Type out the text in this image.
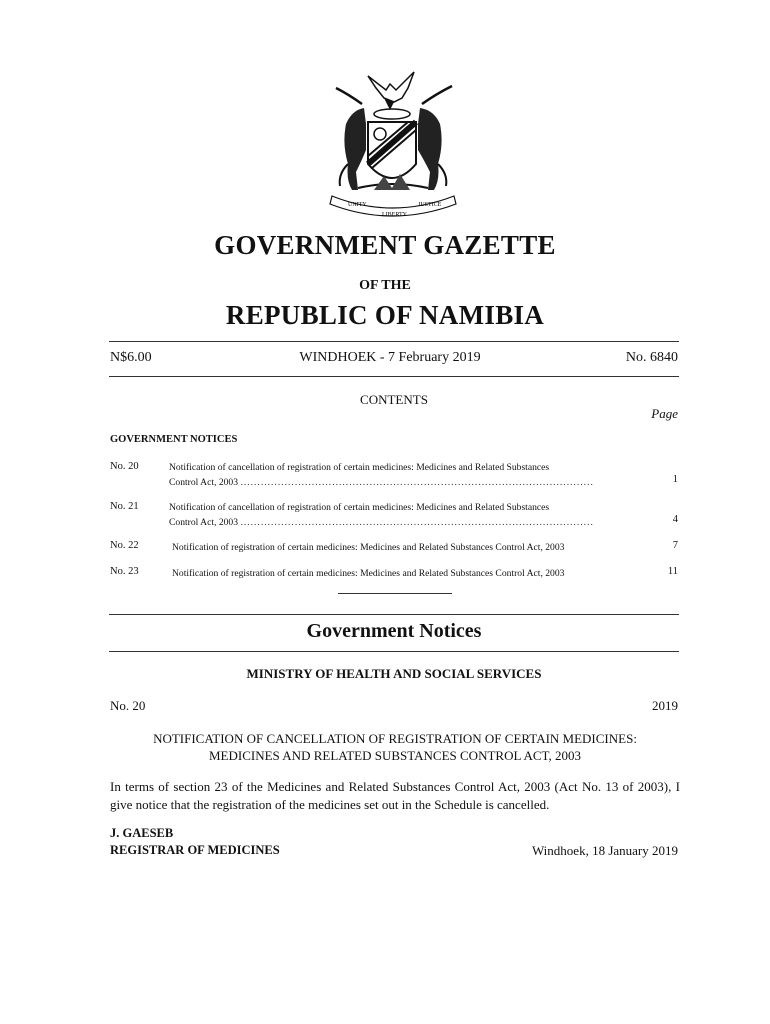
UNITY
LIBERTY
JUSTICE
GOVERNMENT GAZETTE
OF THE
REPUBLIC OF NAMIBIA
N$6.00	WINDHOEK - 7 February 2019	No. 6840
CONTENTS
Page
GOVERNMENT NOTICES
No. 20	Notification of cancellation of registration of certain medicines: Medicines and Related Substances
Control Act, 2003 ........................................................................................................	1
No. 21	Notification of cancellation of registration of certain medicines: Medicines and Related Substances
Control Act, 2003 ........................................................................................................	4
No. 22	Notification of registration of certain medicines: Medicines and Related Substances Control Act, 2003	7
No. 23	Notification of registration of certain medicines: Medicines and Related Substances Control Act, 2003	11
Government Notices
MINISTRY OF HEALTH AND SOCIAL SERVICES
No. 20	2019
NOTIFICATION OF CANCELLATION OF REGISTRATION OF CERTAIN MEDICINES:
MEDICINES AND RELATED SUBSTANCES CONTROL ACT, 2003
In terms of section 23 of the Medicines and Related Substances Control Act, 2003 (Act No. 13 of 2003), I give notice that the registration of the medicines set out in the Schedule is cancelled.
J. GAESEB
REGISTRAR OF MEDICINES	Windhoek, 18 January 2019
